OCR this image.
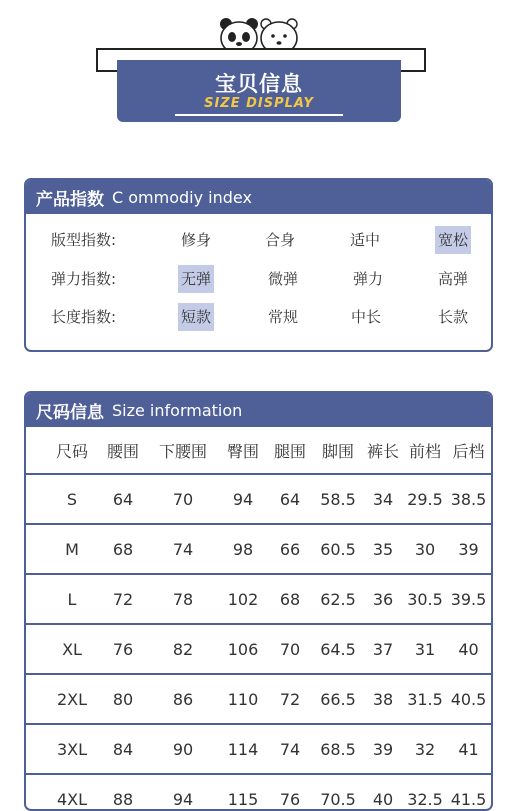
宝贝信息
SIZE DISPLAY
产品指数 C ommodiy index
版型指数:	修身	合身	适中	宽松
弹力指数:	无弹	微弹	弹力	高弹
长度指数:	短款	常规	中长	长款
尺码信息 Size information
尺码	腰围	下腰围	臀围	腿围	脚围	裤长	前档	后档
S	64	70	94	64	58.5	34	29.5	38.5
M	68	74	98	66	60.5	35	30	39
L	72	78	102	68	62.5	36	30.5	39.5
XL	76	82	106	70	64.5	37	31	40
2XL	80	86	110	72	66.5	38	31.5	40.5
3XL	84	90	114	74	68.5	39	32	41
4XL	88	94	115	76	70.5	40	32.5	41.5
